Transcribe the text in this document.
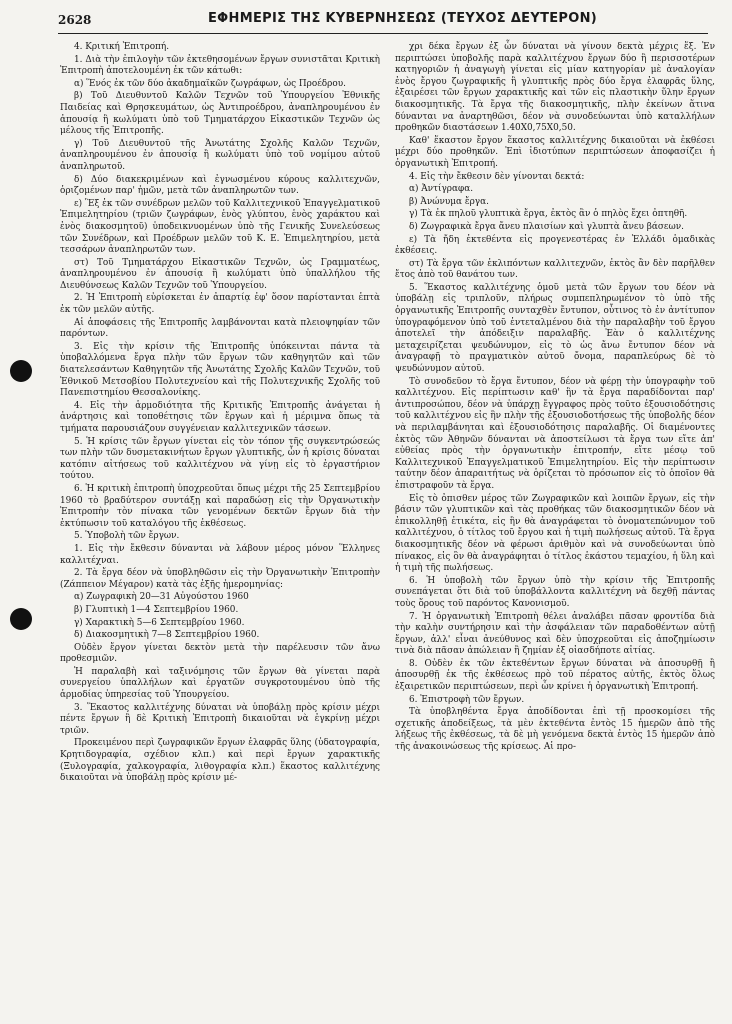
2628	ΕΦΗΜΕΡΙΣ ΤΗΣ ΚΥΒΕΡΝΗΣΕΩΣ (ΤΕΥΧΟΣ ΔΕΥΤΕΡΟΝ)

4. Κριτική Ἐπιτροπή.

1. Διὰ τὴν ἐπιλογὴν τῶν ἐκτεθησομένων ἔργων συνιστᾶται Κριτικὴ Ἐπιτροπὴ ἀποτελουμένη ἐκ τῶν κάτωθι:

α) Ἕνός ἐκ τῶν δύο ἀκαδημαϊκῶν ζωγράφων, ὡς Προέδρου.

β) Τοῦ Διευθυντοῦ Καλῶν Τεχνῶν τοῦ Ὑπουργείου Ἐθνικῆς Παιδείας καὶ Θρησκευμάτων, ὡς Ἀντιπροέδρου, ἀναπληρουμένου ἐν ἀπουσίᾳ ἢ κωλύματι ὑπὸ τοῦ Τμηματάρχου Εἰκαστικῶν Τεχνῶν ὡς μέλους τῆς Ἐπιτροπῆς.

γ) Τοῦ Διευθυντοῦ τῆς Ἀνωτάτης Σχολῆς Καλῶν Τεχνῶν, ἀναπληρουμένου ἐν ἀπουσίᾳ ἢ κωλύματι ὑπὸ τοῦ νομίμου αὐτοῦ ἀναπληρωτοῦ.

δ) Δύο διακεκριμένων καὶ ἐγνωσμένου κύρους καλλιτεχνῶν, ὁριζομένων παρ' ἡμῶν, μετὰ τῶν ἀναπληρωτῶν των.

ε) Ἓξ ἐκ τῶν συνέδρων μελῶν τοῦ Καλλιτεχνικοῦ Ἐπαγγελματικοῦ Ἐπιμελητηρίου (τριῶν ζωγράφων, ἑνὸς γλύπτου, ἑνὸς χαράκτου καὶ ἑνὸς διακοσμητοῦ) ὑποδεικνυομένων ὑπὸ τῆς Γενικῆς Συνελεύσεως τῶν Συνέδρων, καὶ Προέδρων μελῶν τοῦ Κ. Ε. Ἐπιμελητηρίου, μετὰ τεσσάρων ἀναπληρωτῶν των.

στ) Τοῦ Τμηματάρχου Εἰκαστικῶν Τεχνῶν, ὡς Γραμματέως, ἀναπληρουμένου ἐν ἀπουσίᾳ ἢ κωλύματι ὑπὸ ὑπαλλήλου τῆς Διευθύνσεως Καλῶν Τεχνῶν τοῦ Ὑπουργείου.

2. Ἡ Ἐπιτροπὴ εὑρίσκεται ἐν ἀπαρτίᾳ ἐφ' ὅσον παρίστανται ἑπτὰ ἐκ τῶν μελῶν αὐτῆς.

Αἱ ἀποφάσεις τῆς Ἐπιτροπῆς λαμβάνονται κατὰ πλειοψηφίαν τῶν παρόντων.

3. Εἰς τὴν κρίσιν τῆς Ἐπιτροπῆς ὑπόκεινται πάντα τὰ ὑποβαλλόμενα ἔργα πλὴν τῶν ἔργων τῶν καθηγητῶν καὶ τῶν διατελεσάντων Καθηγητῶν τῆς Ἀνωτάτης Σχολῆς Καλῶν Τεχνῶν, τοῦ Ἐθνικοῦ Μετσοβίου Πολυτεχνείου καὶ τῆς Πολυτεχνικῆς Σχολῆς τοῦ Πανεπιστημίου Θεσσαλονίκης.

4. Εἰς τὴν ἁρμοδιότητα τῆς Κριτικῆς Ἐπιτροπῆς ἀνάγεται ἡ ἀνάρτησις καὶ τοποθέτησις τῶν ἔργων καὶ ἡ μέριμνα ὅπως τὰ τμήματα παρουσιάζουν συγγένειαν καλλιτεχνικῶν τάσεων.

5. Ἡ κρίσις τῶν ἔργων γίνεται εἰς τὸν τόπον τῆς συγκεντρώσεώς των πλὴν τῶν δυσμετακινήτων ἔργων γλυπτικῆς, ὧν ἡ κρίσις δύναται κατόπιν αἰτήσεως τοῦ καλλιτέχνου νὰ γίνῃ εἰς τὸ ἐργαστήριον τούτου.

6. Ἡ κριτικὴ ἐπιτροπὴ ὑποχρεοῦται ὅπως μέχρι τῆς 25 Σεπτεμβρίου 1960 τὸ βραδύτερον συντάξῃ καὶ παραδώσῃ εἰς τὴν Ὀργανωτικὴν Ἐπιτροπὴν τὸν πίνακα τῶν γενομένων δεκτῶν ἔργων διὰ τὴν ἐκτύπωσιν τοῦ καταλόγου τῆς ἐκθέσεως.

5. Ὑποβολὴ τῶν ἔργων.

1. Εἰς τὴν ἔκθεσιν δύνανται νὰ λάβουν μέρος μόνον Ἕλληνες καλλιτέχναι.

2. Τὰ ἔργα δέον νὰ ὑποβληθῶσιν εἰς τὴν Ὀργανωτικὴν Ἐπιτροπὴν (Ζάππειον Μέγαρον) κατὰ τὰς ἑξῆς ἡμερομηνίας:

α) Ζωγραφικὴ 20—31 Αὐγούστου 1960

β) Γλυπτικὴ 1—4 Σεπτεμβρίου 1960.

γ) Χαρακτικὴ 5—6 Σεπτεμβρίου 1960.

δ) Διακοσμητικὴ 7—8 Σεπτεμβρίου 1960.

Οὐδὲν ἔργον γίνεται δεκτὸν μετὰ τὴν παρέλευσιν τῶν ἄνω προθεσμιῶν.

Ἡ παραλαβὴ καὶ ταξινόμησις τῶν ἔργων θὰ γίνεται παρὰ συνεργείου ὑπαλλήλων καὶ ἐργατῶν συγκροτουμένου ὑπὸ τῆς ἁρμοδίας ὑπηρεσίας τοῦ Ὑπουργείου.

3. Ἕκαστος καλλιτέχνης δύναται νὰ ὑποβάλῃ πρὸς κρίσιν μέχρι πέντε ἔργων ἢ δὲ Κριτικὴ Ἐπιτροπὴ δικαιοῦται νὰ ἐγκρίνῃ μέχρι τριῶν.

Προκειμένου περὶ ζωγραφικῶν ἔργων ἐλαφρᾶς ὕλης (ὑδατογραφία, Κρητιδογραφία, σχέδιον κλπ.) καὶ περὶ ἔργων χαρακτικῆς (Ξυλογραφία, χαλκογραφία, λιθογραφία κλπ.) ἕκαστος καλλιτέχνης δικαιοῦται νὰ ὑποβάλῃ πρὸς κρίσιν μέ-

χρι δέκα ἔργων ἐξ ὧν δύναται νὰ γίνουν δεκτὰ μέχρις ἕξ. Ἐν περιπτώσει ὑποβολῆς παρὰ καλλιτέχνου ἔργων δύο ἢ περισσοτέρων κατηγοριῶν ἡ ἀναγωγὴ γίνεται εἰς μίαν κατηγορίαν μὲ ἀναλογίαν ἑνὸς ἔργου ζωγραφικῆς ἢ γλυπτικῆς πρὸς δύο ἔργα ἐλαφρᾶς ὕλης, ἐξαιρέσει τῶν ἔργων χαρακτικῆς καὶ τῶν εἰς πλαστικὴν ὕλην ἔργων διακοσμητικῆς. Τὰ ἔργα τῆς διακοσμητικῆς, πλὴν ἐκείνων ἅτινα δύνανται να ἀναρτηθῶσι, δέον νὰ συνοδεύωνται ὑπὸ καταλλήλων προθηκῶν διαστάσεων 1.40Χ0,75Χ0,50.

Καθ' ἕκαστον ἔργον ἕκαστος καλλιτέχνης δικαιοῦται νὰ ἐκθέσει μέχρι δύο προθηκῶν. Ἐπὶ ἰδιοτύπων περιπτώσεων ἀποφασίζει ἡ ὀργανωτικὴ Ἐπιτροπή.

4. Εἰς τὴν ἔκθεσιν δὲν γίνονται δεκτά:

α) Ἀντίγραφα.

β) Ἀνώνυμα ἔργα.

γ) Τὰ ἐκ πηλοῦ γλυπτικὰ ἔργα, ἐκτὸς ἂν ὁ πηλὸς ἔχει ὀπτηθῆ.

δ) Ζωγραφικὰ ἔργα ἄνευ πλαισίων καὶ γλυπτὰ ἄνευ βάσεων.

ε) Τὰ ἤδη ἐκτεθέντα εἰς προγενεστέρας ἐν Ἑλλάδι ὁμαδικὰς ἐκθέσεις.

στ) Τὰ ἔργα τῶν ἐκλιπόντων καλλιτεχνῶν, ἐκτὸς ἂν δὲν παρῆλθεν ἔτος ἀπὸ τοῦ θανάτου των.

5. Ἕκαστος καλλιτέχνης ὁμοῦ μετὰ τῶν ἔργων του δέον νὰ ὑποβάλῃ εἰς τριπλοῦν, πλήρως συμπεπληρωμένον τὸ ὑπὸ τῆς ὀργανωτικῆς Ἐπιτροπῆς συνταχθὲν ἔντυπον, οὗτινος τὸ ἐν ἀντίτυπον ὑπογραφόμενον ὑπὸ τοῦ ἐντεταλμένου διὰ τὴν παραλαβὴν τοῦ ἔργου ἀποτελεῖ τὴν ἀπόδειξιν παραλαβῆς. Ἐὰν ὁ καλλιτέχνης μεταχειρίζεται ψευδώνυμον, εἰς τὸ ὡς ἄνω ἔντυπον δέον νὰ ἀναγραφῇ τὸ πραγματικὸν αὐτοῦ ὄνομα, παραπλεύρως δὲ τὸ ψευδώνυμον αὐτοῦ.

Τὸ συνοδεῦον τὸ ἔργα ἔντυπον, δέον νὰ φέρῃ τὴν ὑπογραφὴν τοῦ καλλιτέχνου. Εἰς περίπτωσιν καθ' ἣν τὰ ἔργα παραδίδονται παρ' ἀντιπροσώπου, δέον νὰ ὑπάρχῃ ἔγγραφος πρὸς τοῦτο ἐξουσιοδότησις τοῦ καλλιτέχνου εἰς ἣν πλὴν τῆς ἐξουσιοδοτήσεως τῆς ὑποβολῆς δέον νὰ περιλαμβάνηται καὶ ἐξουσιοδότησις παραλαβῆς. Οἱ διαμένοντες ἐκτὸς τῶν Ἀθηνῶν δύνανται νὰ ἀποστείλωσι τὰ ἔργα των εἴτε ἀπ' εὐθείας πρὸς τὴν ὀργανωτικὴν ἐπιτροπήν, εἴτε μέσῳ τοῦ Καλλιτεχνικοῦ Ἐπαγγελματικοῦ Ἐπιμελητηρίου. Εἰς τὴν περίπτωσιν ταύτην δέον ἀπαραιτήτως νὰ ὁρίζεται τὸ πρόσωπον εἰς τὸ ὁποῖον θὰ ἐπιστραφοῦν τὰ ἔργα.

Εἰς τὸ ὀπισθεν μέρος τῶν Ζωγραφικῶν καὶ λοιπῶν ἔργων, εἰς τὴν βάσιν τῶν γλυπτικῶν καὶ τὰς προθήκας τῶν διακοσμητικῶν δέον νὰ ἐπικολληθῇ ἐτικέτα, εἰς ἣν θὰ ἀναγράφεται τὸ ὀνοματεπώνυμον τοῦ καλλιτέχνου, ὁ τίτλος τοῦ ἔργου καὶ ἡ τιμὴ πωλήσεως αὐτοῦ. Τὰ ἔργα διακοσμητικῆς δέον νὰ φέρωσι ἀριθμὸν καὶ νὰ συνοδεύωνται ὑπὸ πίνακος, εἰς ὃν θὰ ἀναγράφηται ὁ τίτλος ἑκάστου τεμαχίου, ἡ ὕλη καὶ ἡ τιμὴ τῆς πωλήσεως.

6. Ἡ ὑποβολὴ τῶν ἔργων ὑπὸ τὴν κρίσιν τῆς Ἐπιτροπῆς συνεπάγεται ὅτι διὰ τοῦ ὑποβάλλοντα καλλιτέχνη νὰ δεχθῇ πάντας τοὺς ὅρους τοῦ παρόντος Κανονισμοῦ.

7. Ἡ ὀργανωτικὴ Ἐπιτροπὴ θέλει ἀναλάβει πᾶσαν φροντίδα διὰ τὴν καλὴν συντήρησιν καὶ τὴν ἀσφάλειαν τῶν παραδοθέντων αὐτῇ ἔργων, ἀλλ' εἶναι ἀνεύθυνος καὶ δὲν ὑποχρεοῦται εἰς ἀποζημίωσιν τινὰ διὰ πᾶσαν ἀπώλειαν ἢ ζημίαν ἐξ οἱασδήποτε αἰτίας.

8. Οὐδὲν ἐκ τῶν ἐκτεθέντων ἔργων δύναται νὰ ἀποσυρθῇ ἢ ἀποσυρθῇ ἐκ τῆς ἐκθέσεως πρὸ τοῦ πέρατος αὐτῆς, ἐκτὸς ὅλως ἐξαιρετικῶν περιπτώσεων, περὶ ὧν κρίνει ἡ ὀργανωτικὴ Ἐπιτροπή.

6. Ἐπιστροφὴ τῶν ἔργων.

Τὰ ὑποβληθέντα ἔργα ἀποδίδονται ἐπὶ τῇ προσκομίσει τῆς σχετικῆς ἀποδείξεως, τὰ μὲν ἐκτεθέντα ἐντὸς 15 ἡμερῶν ἀπὸ τῆς λήξεως τῆς ἐκθέσεως, τὰ δὲ μὴ γενόμενα δεκτὰ ἐντὸς 15 ἡμερῶν ἀπὸ τῆς ἀνακοινώσεως τῆς κρίσεως. Αἱ προ-
